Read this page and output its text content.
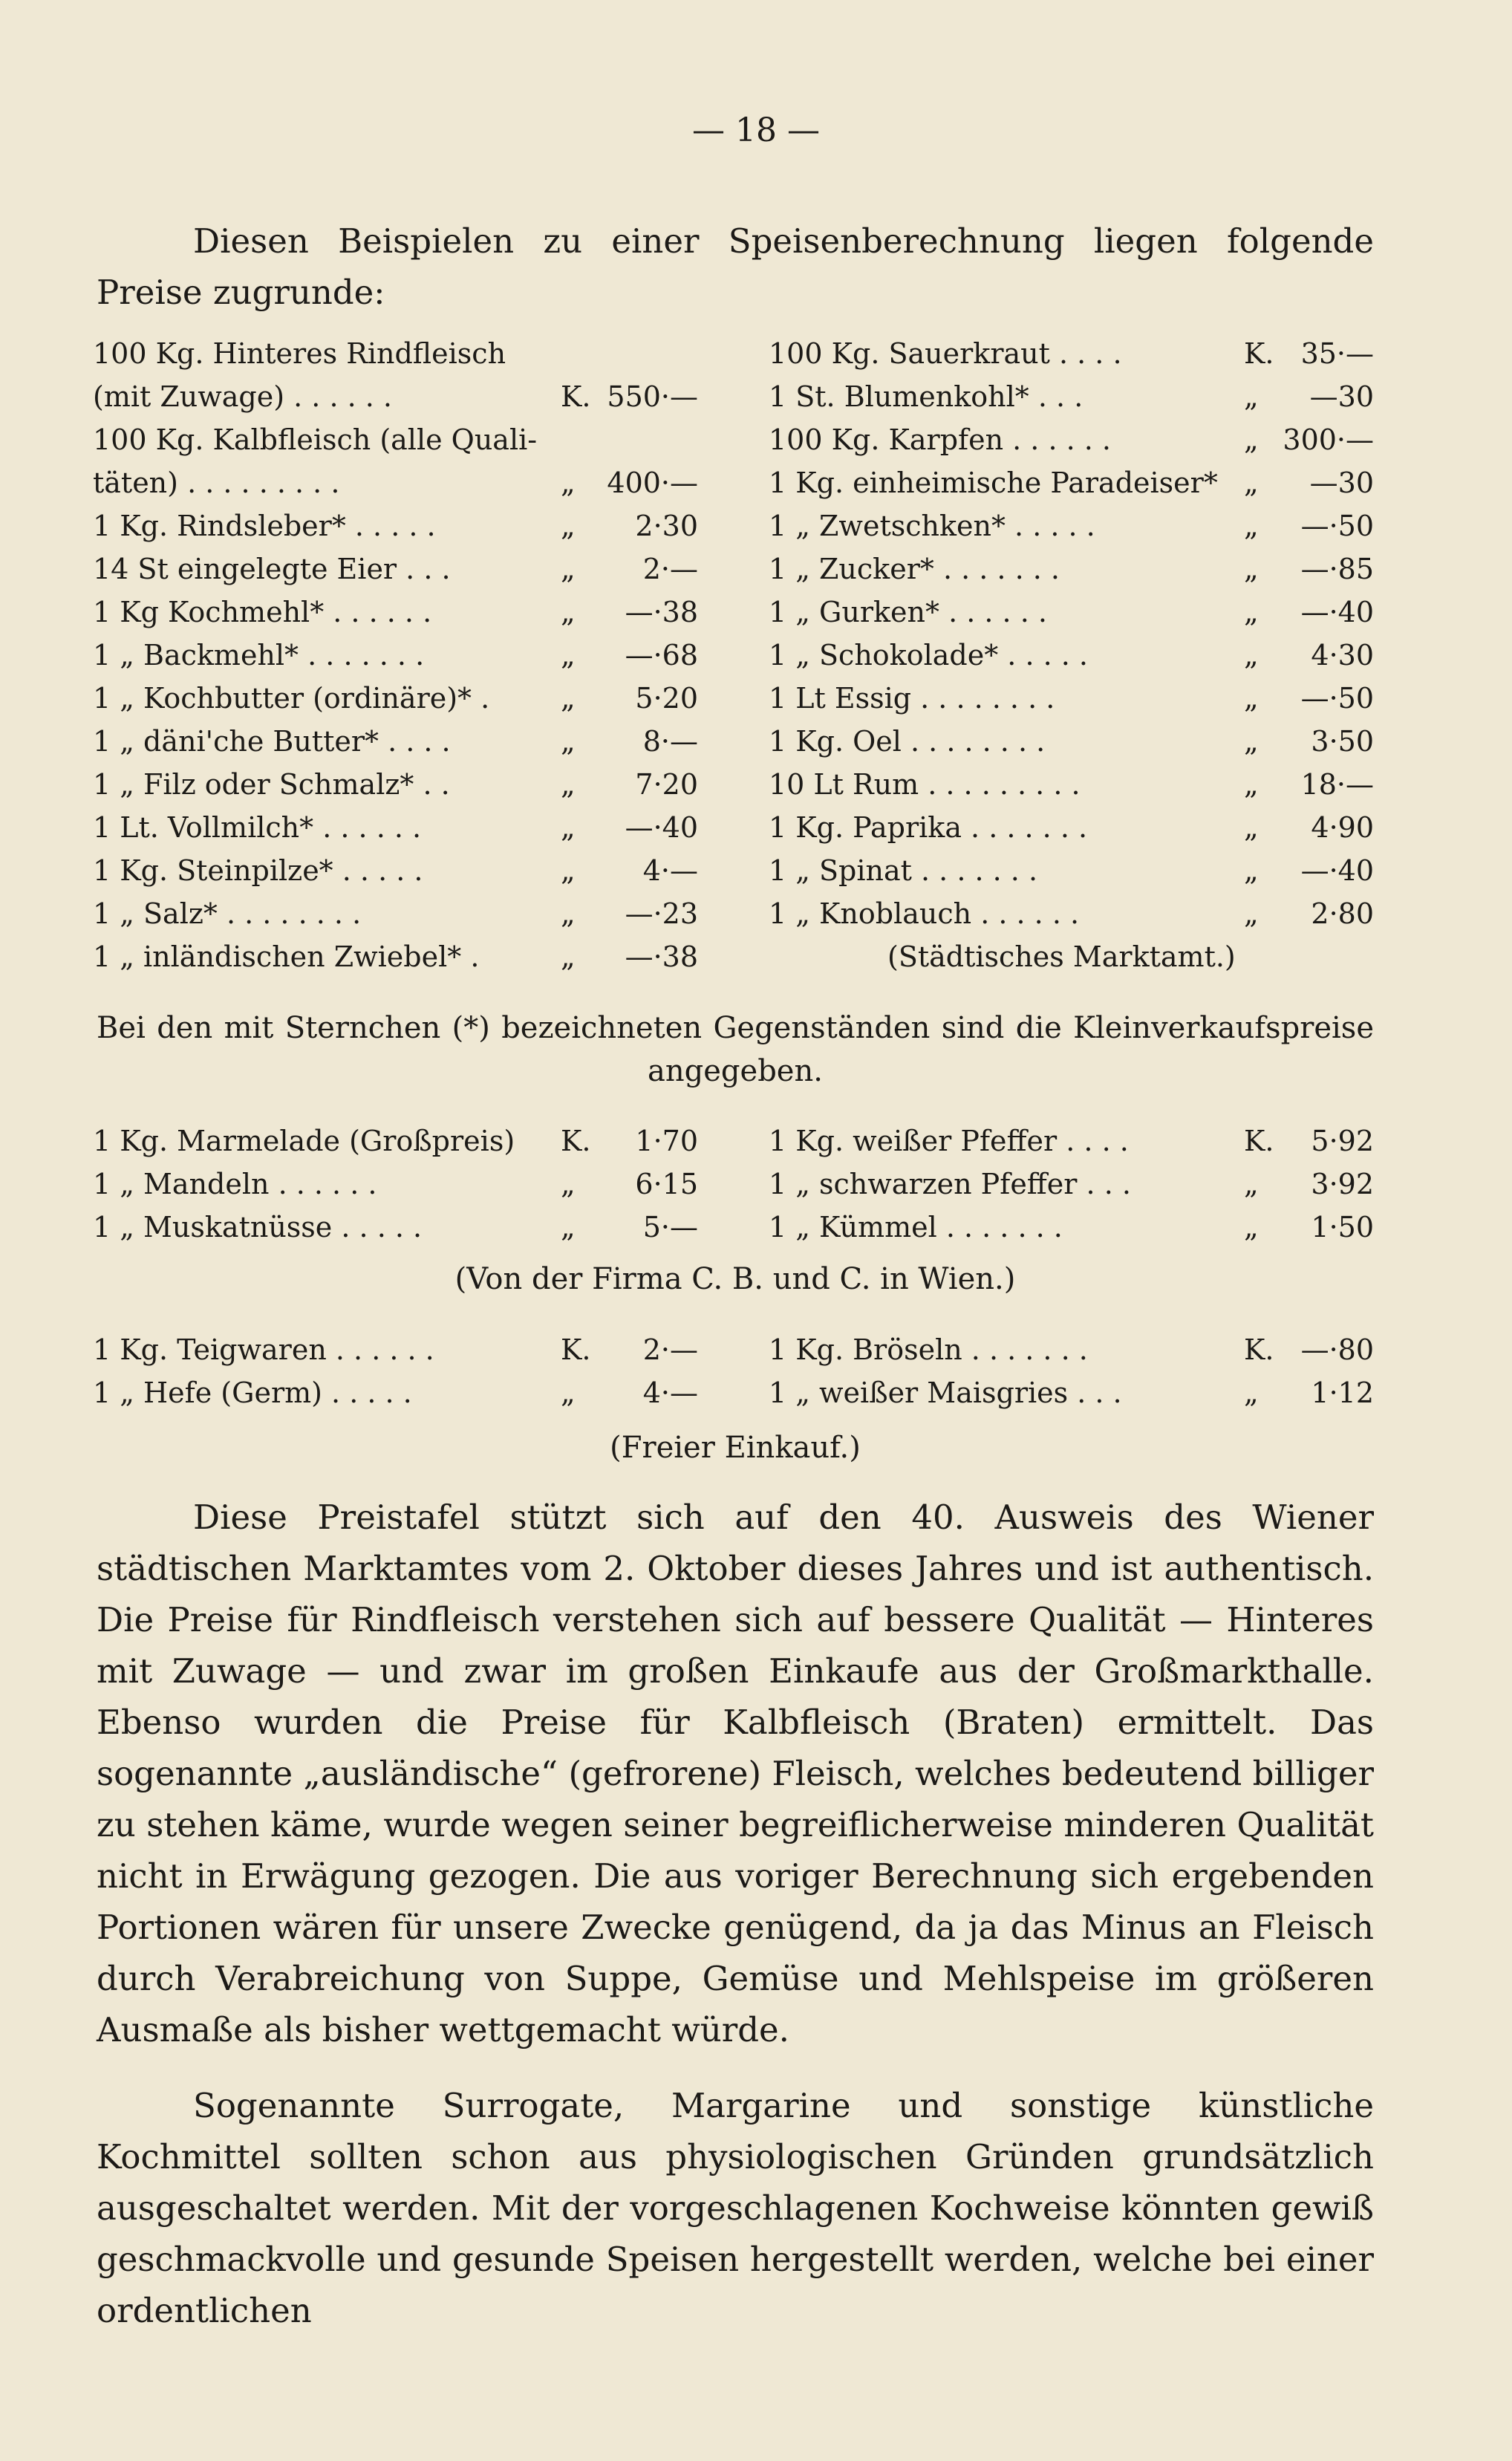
— 18 —
Diesen Beispielen zu einer Speisenberechnung liegen folgende Preise zugrunde:
100 Kg. Hinteres Rindfleisch
(mit Zuwage) . . . . . .	K. 550·—
100 Kg. Kalbfleisch (alle Quali-
täten) . . . . . . . . .	„ 400·—
1 Kg. Rindsleber* . . . . .	„ 2·30
14 St eingelegte Eier . . .	„ 2·—
1 Kg Kochmehl* . . . . . .	„ —·38
1 „ Backmehl* . . . . . . .	„ —·68
1 „ Kochbutter (ordinäre)* .	„ 5·20
1 „ däni'che Butter* . . . .	„ 8·—
1 „ Filz oder Schmalz* . .	„ 7·20
1 Lt. Vollmilch* . . . . . .	„ —·40
1 Kg. Steinpilze* . . . . .	„ 4·—
1 „ Salz* . . . . . . . .	„ —·23
1 „ inländischen Zwiebel* .	„ —·38
100 Kg. Sauerkraut . . . .	K. 35·—
1 St. Blumenkohl* . . .	„ —30
100 Kg. Karpfen . . . . . .	„ 300·—
1 Kg. einheimische Paradeiser* „ —30
1 „ Zwetschken* . . . . .	„ —·50
1 „ Zucker* . . . . . . .	„ —·85
1 „ Gurken* . . . . . .	„ —·40
1 „ Schokolade* . . . . .	„ 4·30
1 Lt Essig . . . . . . . .	„ —·50
1 Kg. Oel . . . . . . . .	„ 3·50
10 Lt Rum . . . . . . . . .	„ 18·—
1 Kg. Paprika . . . . . . .	„ 4·90
1 „ Spinat . . . . . . .	„ —·40
1 „ Knoblauch . . . . . .	„ 2·80
(Städtisches Marktamt.)
Bei den mit Sternchen (*) bezeichneten Gegenständen sind die Kleinverkaufspreise
angegeben.
1 Kg. Marmelade (Großpreis) K. 1·70
1 „ Mandeln . . . . . .	„ 6·15
1 „ Muskatnüsse . . . . .	„ 5·—
1 Kg. weißer Pfeffer . . . .	K. 5·92
1 „ schwarzen Pfeffer . . .	„ 3·92
1 „ Kümmel . . . . . . .	„ 1·50
(Von der Firma C. B. und C. in Wien.)
1 Kg. Teigwaren . . . . . .	K. 2·—
1 „ Hefe (Germ) . . . . .	„ 4·—
1 Kg. Bröseln . . . . . . .	K. —·80
1 „ weißer Maisgries . . .	„ 1·12
(Freier Einkauf.)
Diese Preistafel stützt sich auf den 40. Ausweis des Wiener städtischen Marktamtes vom 2. Oktober dieses Jahres und ist authentisch. Die Preise für Rindfleisch verstehen sich auf bessere Qualität — Hinteres mit Zuwage — und zwar im großen Einkaufe aus der Großmarkthalle. Ebenso wurden die Preise für Kalbfleisch (Braten) ermittelt. Das sogenannte „ausländische“ (gefrorene) Fleisch, welches bedeutend billiger zu stehen käme, wurde wegen seiner begreiflicherweise minderen Qualität nicht in Erwägung gezogen. Die aus voriger Berechnung sich ergebenden Portionen wären für unsere Zwecke genügend, da ja das Minus an Fleisch durch Verabreichung von Suppe, Gemüse und Mehlspeise im größeren Ausmaße als bisher wettgemacht würde.
Sogenannte Surrogate, Margarine und sonstige künstliche Kochmittel sollten schon aus physiologischen Gründen grundsätzlich ausgeschaltet werden. Mit der vorgeschlagenen Kochweise könnten gewiß geschmackvolle und gesunde Speisen hergestellt werden, welche bei einer ordentlichen
